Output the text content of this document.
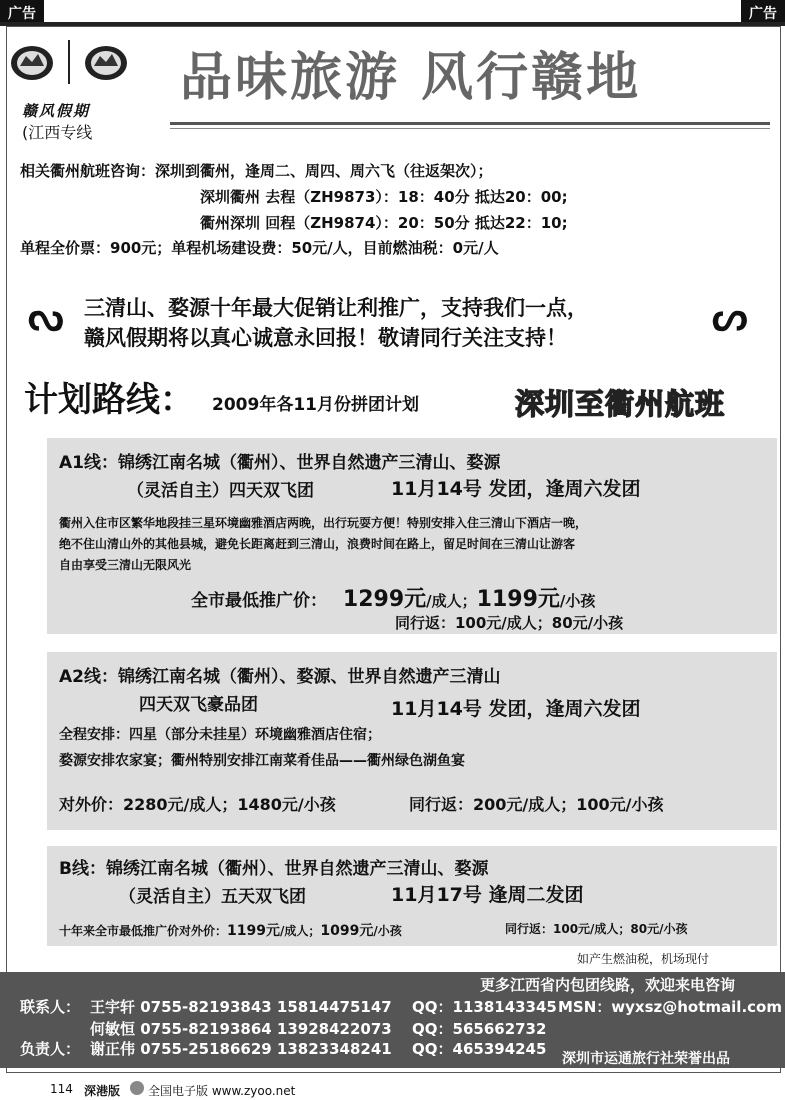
广告	广告
赣风假期
(江西专线
品味旅游 风行赣地
相关衢州航班咨询：深圳到衢州，逢周二、周四、周六飞（往返架次）；
深圳衢州 去程（ZH9873）：18：40分 抵达20：00;
衢州深圳 回程（ZH9874）：20：50分 抵达22：10;
单程全价票：900元；单程机场建设费：50元/人，目前燃油税：0元/人
ᔓ 三清山、婺源十年最大促销让利推广，支持我们一点，
赣风假期将以真心诚意永回报！敬请同行关注支持！	ᔕ
计划路线： 2009年各11月份拼团计划	深圳至衢州航班
A1线：锦绣江南名城（衢州）、世界自然遗产三清山、婺源
（灵活自主）四天双飞团	11月14号 发团，逢周六发团
衢州入住市区繁华地段挂三星环境幽雅酒店两晚，出行玩耍方便！特别安排入住三清山下酒店一晚，
绝不住山清山外的其他县城，避免长距离赶到三清山，浪费时间在路上，留足时间在三清山让游客
自由享受三清山无限风光
全市最低推广价： 1299元/成人；1199元/小孩
同行返：100元/成人；80元/小孩
A2线：锦绣江南名城（衢州）、婺源、世界自然遗产三清山
四天双飞豪品团	11月14号 发团，逢周六发团
全程安排：四星（部分未挂星）环境幽雅酒店住宿；
婺源安排农家宴；衢州特别安排江南菜肴佳品——衢州绿色湖鱼宴
对外价：2280元/成人；1480元/小孩	同行返：200元/成人；100元/小孩
B线：锦绣江南名城（衢州）、世界自然遗产三清山、婺源
（灵活自主）五天双飞团	11月17号 逢周二发团
十年来全市最低推广价对外价：1199元/成人；1099元/小孩	同行返：100元/成人；80元/小孩
如产生燃油税，机场现付
更多江西省内包团线路，欢迎来电咨询
联系人： 王宇轩 0755-82193843 15814475147 QQ：1138143345 MSN：wyxsz@hotmail.com
何敏恒 0755-82193864 13928422073 QQ：565662732
负责人： 谢正伟 0755-25186629 13823348241 QQ：465394245
深圳市运通旅行社荣誉出品
114 深港版 全国电子版 www.zyoo.net
